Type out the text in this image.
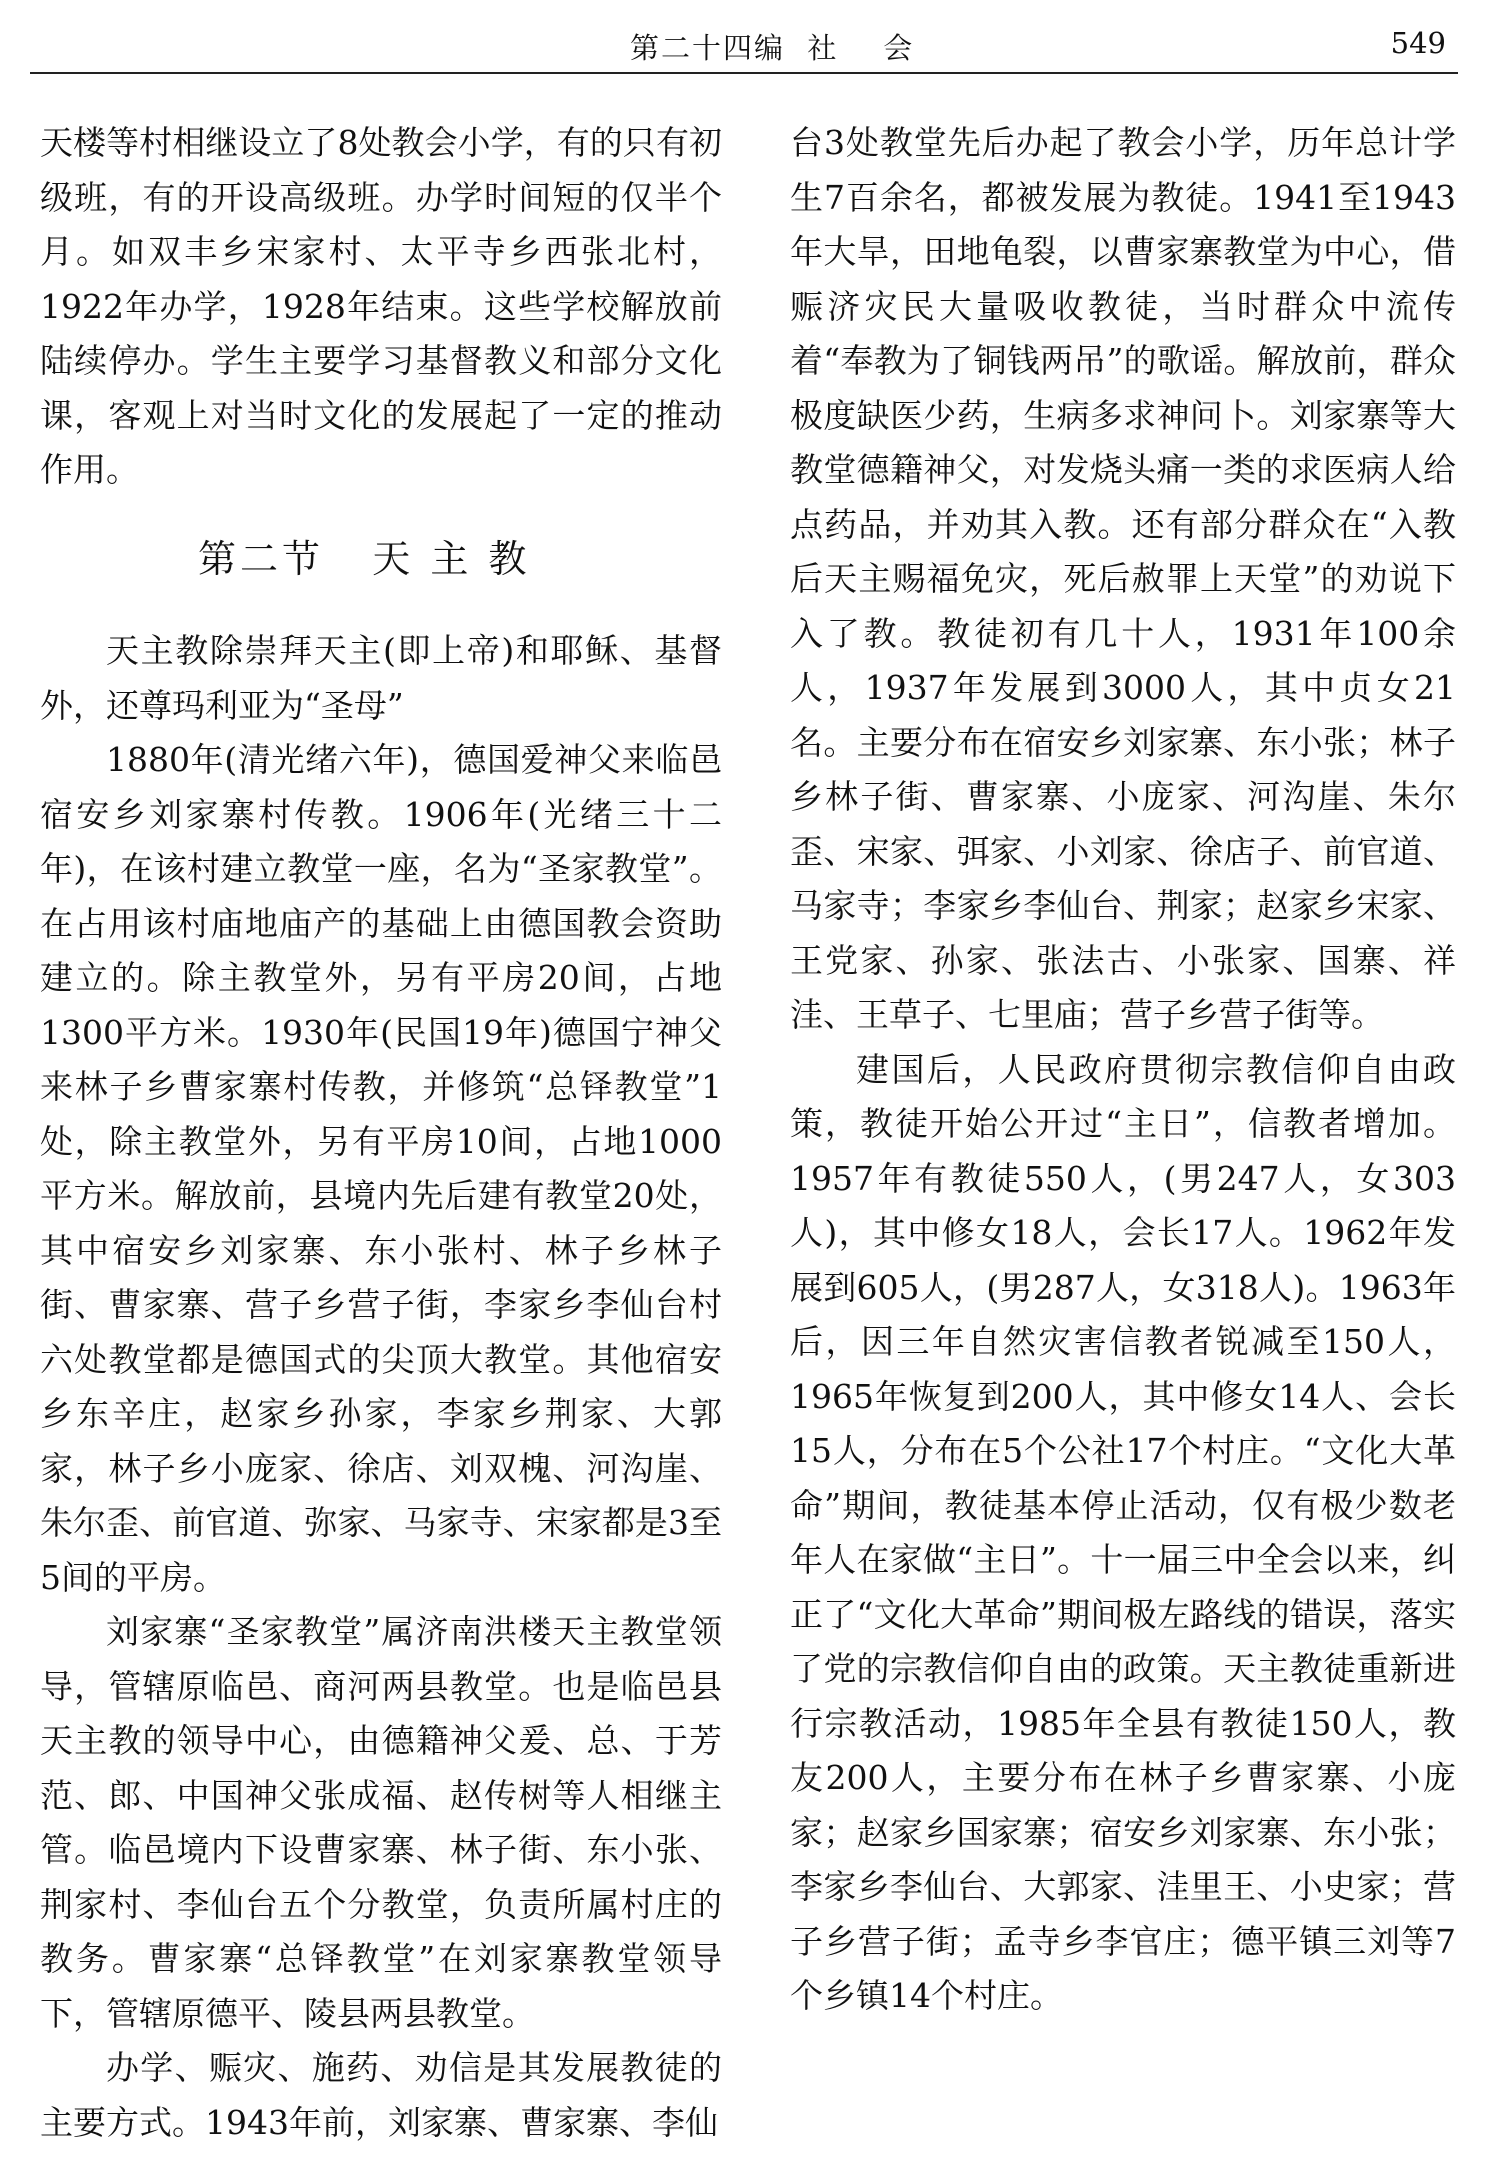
第二十四编  社    会	549

天楼等村相继设立了8处教会小学，有的只有初级班，有的开设高级班。办学时间短的仅半个月。如双丰乡宋家村、太平寺乡西张北村，1922年办学，1928年结束。这些学校解放前陆续停办。学生主要学习基督教义和部分文化课，客观上对当时文化的发展起了一定的推动作用。

第二节   天 主 教

天主教除崇拜天主(即上帝)和耶稣、基督外，还尊玛利亚为“圣母”

1880年(清光绪六年)，德国爱神父来临邑宿安乡刘家寨村传教。1906年(光绪三十二年)，在该村建立教堂一座，名为“圣家教堂”。在占用该村庙地庙产的基础上由德国教会资助建立的。除主教堂外，另有平房20间，占地1300平方米。1930年(民国19年)德国宁神父来林子乡曹家寨村传教，并修筑“总铎教堂”1处，除主教堂外，另有平房10间，占地1000平方米。解放前，县境内先后建有教堂20处，其中宿安乡刘家寨、东小张村、林子乡林子街、曹家寨、营子乡营子街，李家乡李仙台村六处教堂都是德国式的尖顶大教堂。其他宿安乡东辛庄，赵家乡孙家，李家乡荆家、大郭家，林子乡小庞家、徐店、刘双槐、河沟崖、朱尔歪、前官道、弥家、马家寺、宋家都是3至5间的平房。

刘家寨“圣家教堂”属济南洪楼天主教堂领导，管辖原临邑、商河两县教堂。也是临邑县天主教的领导中心，由德籍神父爰、总、于芳范、郎、中国神父张成福、赵传树等人相继主管。临邑境内下设曹家寨、林子街、东小张、荆家村、李仙台五个分教堂，负责所属村庄的教务。曹家寨“总铎教堂”在刘家寨教堂领导下，管辖原德平、陵县两县教堂。

办学、赈灾、施药、劝信是其发展教徒的主要方式。1943年前，刘家寨、曹家寨、李仙

台3处教堂先后办起了教会小学，历年总计学生7百余名，都被发展为教徒。1941至1943年大旱，田地龟裂，以曹家寨教堂为中心，借赈济灾民大量吸收教徒，当时群众中流传着“奉教为了铜钱两吊”的歌谣。解放前，群众极度缺医少药，生病多求神问卜。刘家寨等大教堂德籍神父，对发烧头痛一类的求医病人给点药品，并劝其入教。还有部分群众在“入教后天主赐福免灾，死后赦罪上天堂”的劝说下入了教。教徒初有几十人，1931年100余人，1937年发展到3000人，其中贞女21名。主要分布在宿安乡刘家寨、东小张；林子乡林子街、曹家寨、小庞家、河沟崖、朱尔歪、宋家、弭家、小刘家、徐店子、前官道、马家寺；李家乡李仙台、荆家；赵家乡宋家、王党家、孙家、张法古、小张家、国寨、祥洼、王草子、七里庙；营子乡营子街等。

建国后，人民政府贯彻宗教信仰自由政策，教徒开始公开过“主日”，信教者增加。1957年有教徒550人，(男247人，女303人)，其中修女18人，会长17人。1962年发展到605人，(男287人，女318人)。1963年后，因三年自然灾害信教者锐减至150人，1965年恢复到200人，其中修女14人、会长15人，分布在5个公社17个村庄。“文化大革命”期间，教徒基本停止活动，仅有极少数老年人在家做“主日”。十一届三中全会以来，纠正了“文化大革命”期间极左路线的错误，落实了党的宗教信仰自由的政策。天主教徒重新进行宗教活动，1985年全县有教徒150人，教友200人，主要分布在林子乡曹家寨、小庞家；赵家乡国家寨；宿安乡刘家寨、东小张；李家乡李仙台、大郭家、洼里王、小史家；营子乡营子街；孟寺乡李官庄；德平镇三刘等7个乡镇14个村庄。
